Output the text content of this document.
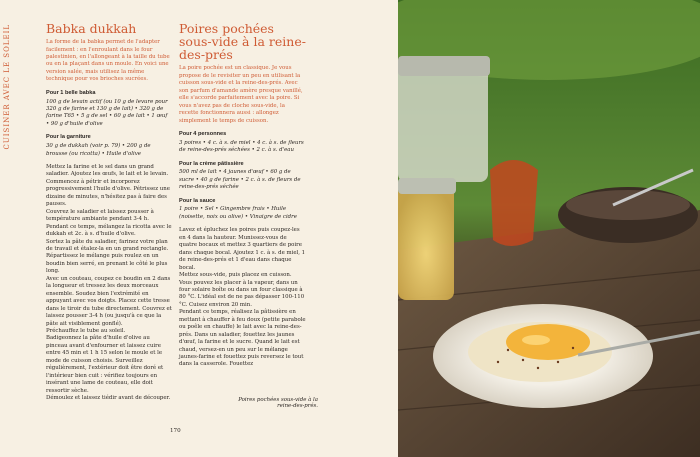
CUISINER AVEC LE SOLEIL	Babka dukkah

La forme de la babka permet de l'adapter facilement : en l'enroulant dans le four palestinien, en l'allongeant à la taille du tube ou en la plaçant dans un moule. En voici une version salée, mais utilisez la même technique pour vos brioches sucrées.

Pour 1 belle babka

100 g de levain actif (ou 10 g de levure pour 320 g de farine et 130 g de lait) • 320 g de farine T65 • 5 g de sel • 60 g de lait • 1 œuf • 90 g d'huile d'olive

Pour la garniture

30 g de dukkah (voir p. 79) • 200 g de brousse (ou ricotta) • Huile d'olive

Mettez la farine et le sel dans un grand saladier. Ajoutez les œufs, le lait et le levain. Commencez à pétrir et incorporez progressivement l'huile d'olive. Pétrissez une dizaine de minutes, n'hésitez pas à faire des pauses.

Couvrez le saladier et laissez pousser à température ambiante pendant 3-4 h. Pendant ce temps, mélangez la ricotta avec le dukkah et 2c. à s. d'huile d'olive.

Sortez la pâte du saladier, farinez votre plan de travail et étalez-la en un grand rectangle. Répartissez le mélange puis roulez en un boudin bien serré, en prenant le côté le plus long.

Avec un couteau, coupez ce boudin en 2 dans la longueur et tressez les deux morceaux ensemble. Soudez bien l'extrémité en appuyant avec vos doigts. Placez cette tresse dans le tiroir du tube directement. Couvrez et laissez pousser 3-4 h (ou jusqu'à ce que la pâte ait visiblement gonflé).

Préchauffez le tube au soleil.

Badigeonnez la pâte d'huile d'olive au pinceau avant d'enfourner et laissez cuire entre 45 min et 1 h 15 selon le moule et le mode de cuisson choisis. Surveillez régulièrement, l'extérieur doit être doré et l'intérieur bien cuit : vérifiez toujours en insérant une lame de couteau, elle doit ressortir sèche.

Démoulez et laissez tiédir avant de découper.

Poires pochées sous-vide à la reine-des-prés

La poire pochée est un classique. Je vous propose de le revisiter un peu en utilisant la cuisson sous-vide et la reine-des-prés. Avec son parfum d'amande amère presque vanillé, elle s'accorde parfaitement avec la poire. Si vous n'avez pas de cloche sous-vide, la recette fonctionnera aussi : allongez simplement le temps de cuisson.

Pour 4 personnes

3 poires • 4 c. à s. de miel • 4 c. à s. de fleurs de reine-des-prés séchées • 2 c. à s. d'eau

Pour la crème pâtissière

500 ml de lait • 4 jaunes d'œuf • 60 g de sucre • 40 g de farine • 2 c. à s. de fleurs de reine-des-prés séchée

Pour la sauce

1 poire • Sel • Gingembre frais • Huile (noisette, noix ou olive) • Vinaigre de cidre

Lavez et épluchez les poires puis coupez-les en 4 dans la hauteur. Munissez-vous de quatre bocaux et mettez 3 quartiers de poire dans chaque bocal. Ajoutez 1 c. à s. de miel, 1 de reine-des-prés et 1 d'eau dans chaque bocal.

Mettez sous-vide, puis placez en cuisson. Vous pouvez les placer à la vapeur, dans un four solaire boîte ou dans un four classique à 80 °C. L'idéal est de ne pas dépasser 100-110 °C. Cuisez environ 20 min.

Pendant ce temps, réalisez la pâtissière en mettant à chauffer à feu doux (petite parabole ou poêle en chauffe) le lait avec la reine-des-prés. Dans un saladier, fouettez les jaunes d'œuf, la farine et le sucre. Quand le lait est chaud, versez-en un peu sur le mélange jaunes-farine et fouettez puis reversez le tout dans la casserole. Fouettez

Poires pochées sous-vide à la reine-des-prés.
170
